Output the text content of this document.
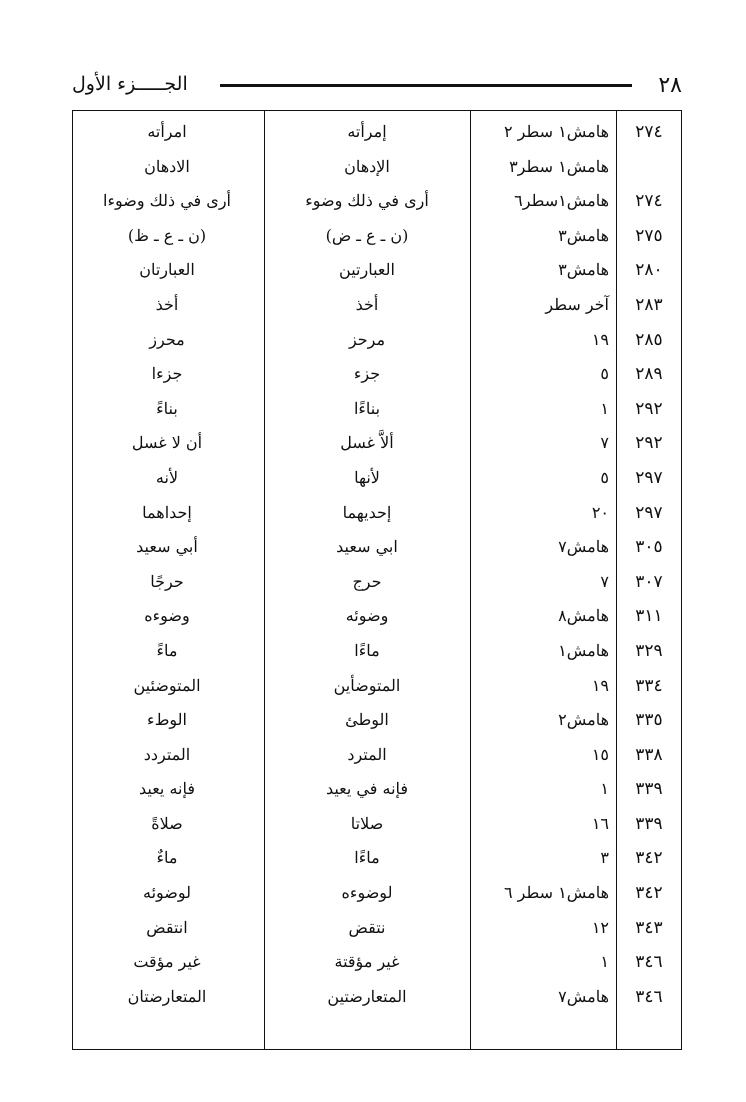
٢٨
الجـــــزء الأول
٢٧٤
هامش١ سطر ٢
إمرأته
امرأته
هامش١ سطر٣
الإدهان
الادهان
٢٧٤
هامش١سطر٦
أرى في ذلك وضوء
أرى في ذلك وضوءا
٢٧٥
هامش٣
(ن ـ ع ـ ض)
(ن ـ ع ـ ظ)
٢٨٠
هامش٣
العبارتين
العبارتان
٢٨٣
آخر سطر
أخذ
أخذ
٢٨٥
١٩
مرحز
محرز
٢٨٩
٥
جزء
جزءا
٢٩٢
١
بناءًا
بناءً
٢٩٢
٧
ألاَّ غسل
أن لا غسل
٢٩٧
٥
لأنها
لأنه
٢٩٧
٢٠
إحديهما
إحداهما
٣٠٥
هامش٧
ابي سعيد
أبي سعيد
٣٠٧
٧
حرج
حرجًا
٣١١
هامش٨
وضوئه
وضوءه
٣٢٩
هامش١
ماءًا
ماءً
٣٣٤
١٩
المتوضأين
المتوضئين
٣٣٥
هامش٢
الوطئ
الوطء
٣٣٨
١٥
المترد
المتردد
٣٣٩
١
فإنه في يعيد
فإنه يعيد
٣٣٩
١٦
صلاتا
صلاةً
٣٤٢
٣
ماءًا
ماءٌ
٣٤٢
هامش١ سطر ٦
لوضوءه
لوضوئه
٣٤٣
١٢
نتقض
انتقض
٣٤٦
١
غير مؤقتة
غير مؤقت
٣٤٦
هامش٧
المتعارضتين
المتعارضتان
